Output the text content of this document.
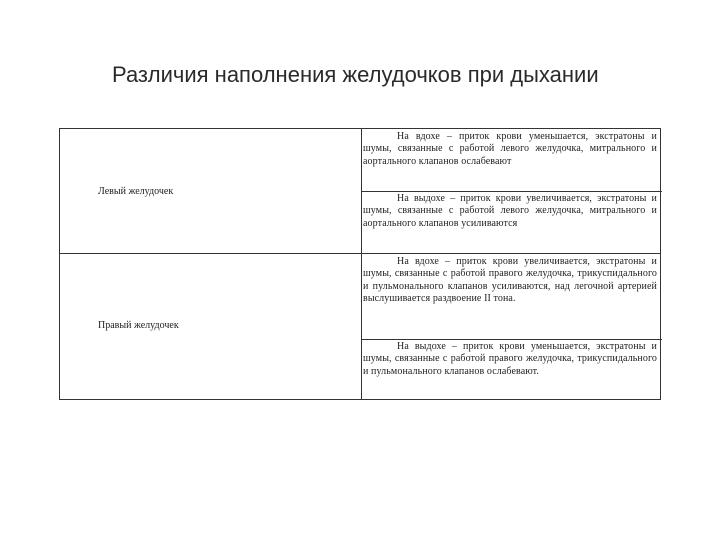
Различия наполнения желудочков при дыхании
Левый желудочек
Правый желудочек
На вдохе – приток крови уменьшается, экстратоны и шумы, связанные с работой левого желудочка, митрального и аортального клапанов ослабевают
На выдохе – приток крови увеличивается, экстратоны и шумы, связанные с работой левого желудочка, митрального и аортального клапанов усиливаются
На вдохе – приток крови увеличивается, экстратоны и шумы, связанные с работой правого желудочка, трикуспидального и пульмонального клапанов усиливаются, над легочной артерией выслушивается раздвоение II тона.
На выдохе – приток крови уменьшается, экстратоны и шумы, связанные с работой правого желудочка, трикуспидального и пульмонального клапанов ослабевают.
